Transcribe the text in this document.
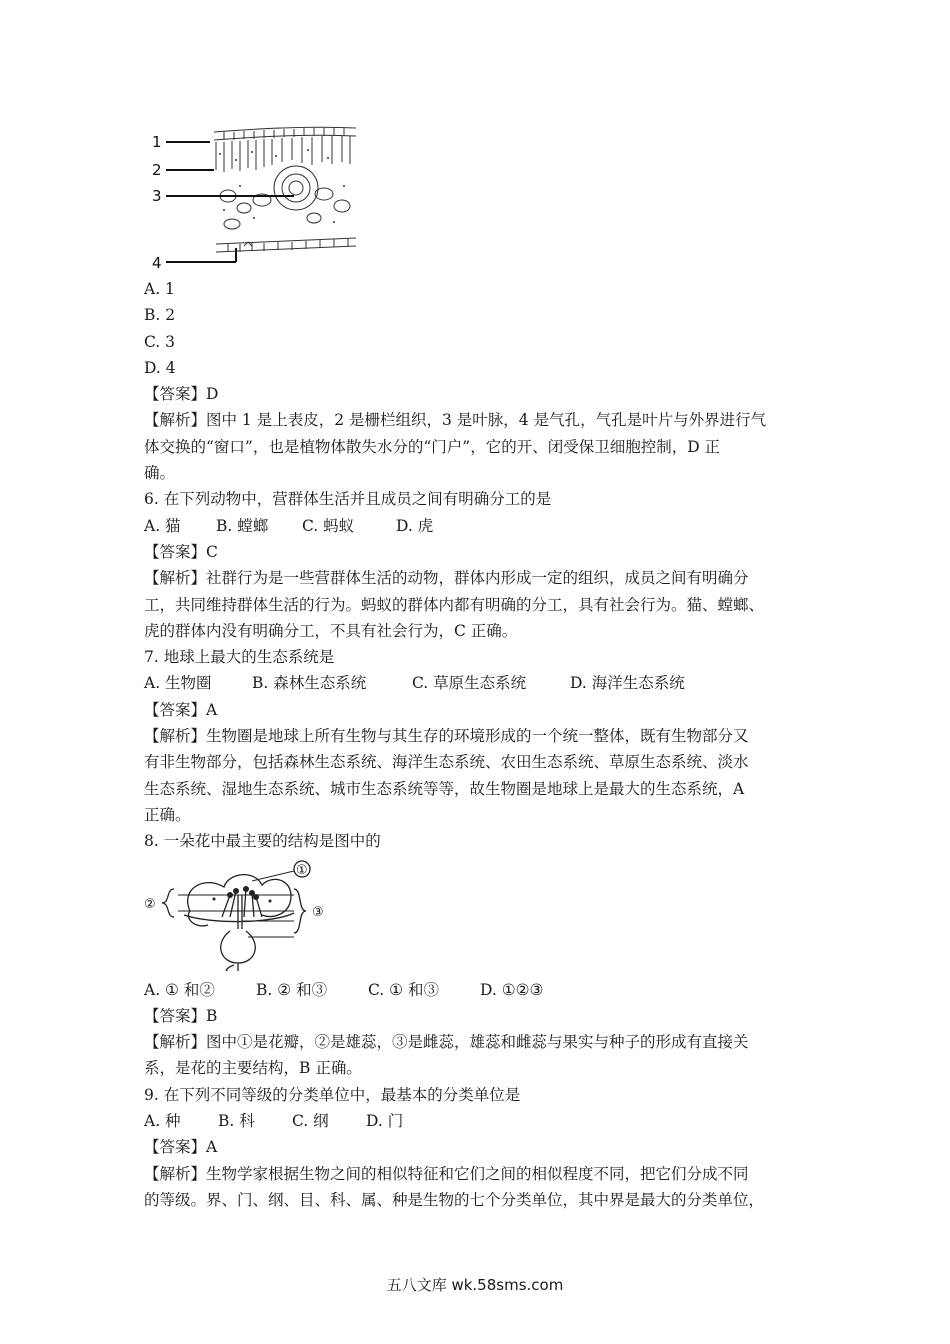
1
2
3
4
A. 1
B. 2
C. 3
D. 4
【答案】D
【解析】图中 1 是上表皮，2 是栅栏组织，3 是叶脉，4 是气孔，气孔是叶片与外界进行气
体交换的“窗口”，也是植物体散失水分的“门户”，它的开、闭受保卫细胞控制，D 正
确。
6. 在下列动物中，营群体生活并且成员之间有明确分工的是
A. 猫 B. 螳螂 C. 蚂蚁	D. 虎
【答案】C
【解析】社群行为是一些营群体生活的动物，群体内形成一定的组织，成员之间有明确分
工，共同维持群体生活的行为。蚂蚁的群体内都有明确的分工，具有社会行为。猫、螳螂、
虎的群体内没有明确分工，不具有社会行为，C 正确。
7. 地球上最大的生态系统是
A. 生物圈	B. 森林生态系统	C. 草原生态系统	D. 海洋生态系统
【答案】A
【解析】生物圈是地球上所有生物与其生存的环境形成的一个统一整体，既有生物部分又
有非生物部分，包括森林生态系统、海洋生态系统、农田生态系统、草原生态系统、淡水
生态系统、湿地生态系统、城市生态系统等等，故生物圈是地球上是最大的生态系统，A
正确。
8. 一朵花中最主要的结构是图中的
①
②
③
A. ① 和②	B. ② 和③	C. ① 和③	D. ①②③
【答案】B
【解析】图中①是花瓣，②是雄蕊，③是雌蕊，雄蕊和雌蕊与果实与种子的形成有直接关
系，是花的主要结构，B 正确。
9. 在下列不同等级的分类单位中，最基本的分类单位是
A. 种 B. 科 C. 纲 D. 门
【答案】A
【解析】生物学家根据生物之间的相似特征和它们之间的相似程度不同，把它们分成不同
的等级。界、门、纲、目、科、属、种是生物的七个分类单位，其中界是最大的分类单位，
五八文库 wk.58sms.com
